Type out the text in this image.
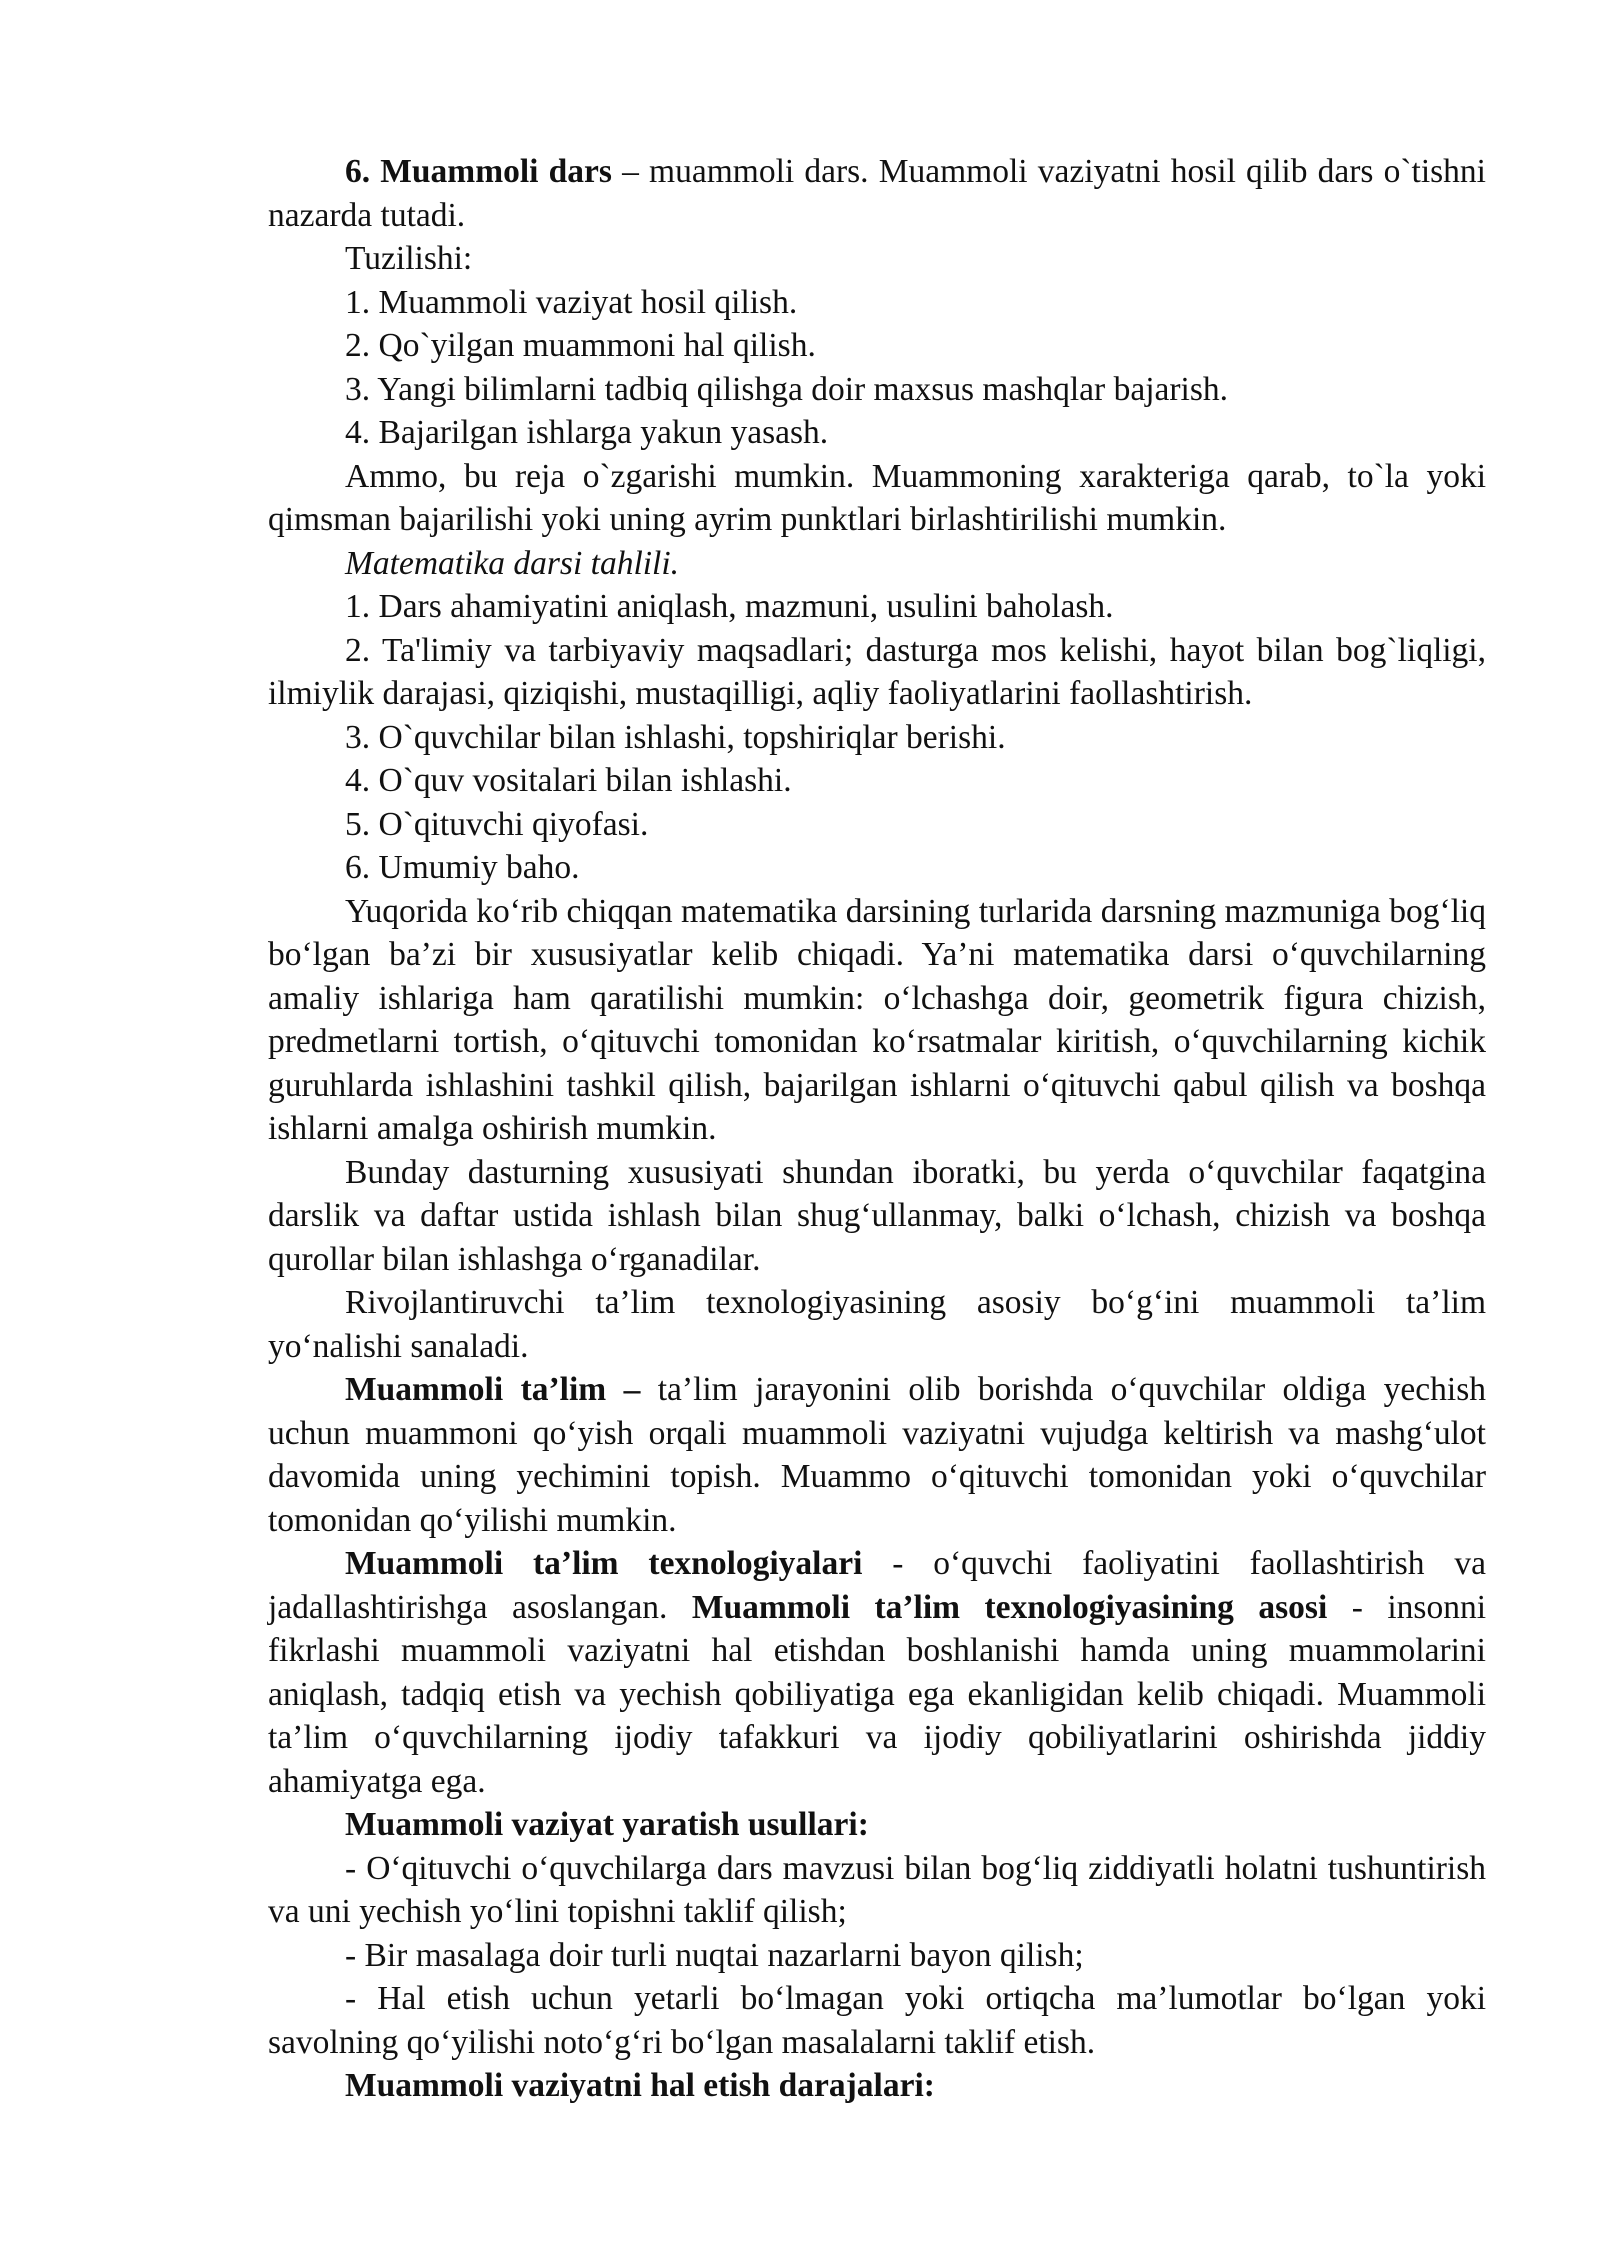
6. Muammoli dars – muammoli dars. Muammoli vaziyatni hosil qilib dars o`tishni nazarda tutadi.

Tuzilishi:

1. Muammoli vaziyat hosil qilish.

2. Qo`yilgan muammoni hal qilish.

3. Yangi bilimlarni tadbiq qilishga doir maxsus mashqlar bajarish.

4. Bajarilgan ishlarga yakun yasash.

Ammo, bu reja o`zgarishi mumkin. Muammoning xarakteriga qarab, to`la yoki qimsman bajarilishi yoki uning ayrim punktlari birlashtirilishi mumkin.

Matematika darsi tahlili.

1. Dars ahamiyatini aniqlash, mazmuni, usulini baholash.

2. Ta'limiy va tarbiyaviy maqsadlari; dasturga mos kelishi, hayot bilan bog`liqligi, ilmiylik darajasi, qiziqishi, mustaqilligi, aqliy faoliyatlarini faollashtirish.

3. O`quvchilar bilan ishlashi, topshiriqlar berishi.

4. O`quv vositalari bilan ishlashi.

5. O`qituvchi qiyofasi.

6. Umumiy baho.

Yuqorida ko‘rib chiqqan matematika darsining turlarida darsning mazmuniga bog‘liq bo‘lgan ba’zi bir xususiyatlar kelib chiqadi. Ya’ni matematika darsi o‘quvchilarning amaliy ishlariga ham qaratilishi mumkin: o‘lchashga doir, geometrik figura chizish, predmetlarni tortish, o‘qituvchi tomonidan ko‘rsatmalar kiritish, o‘quvchilarning kichik guruhlarda ishlashini tashkil qilish, bajarilgan ishlarni o‘qituvchi qabul qilish va boshqa ishlarni amalga oshirish mumkin.

Bunday dasturning xususiyati shundan iboratki, bu yerda o‘quvchilar faqatgina darslik va daftar ustida ishlash bilan shug‘ullanmay, balki o‘lchash, chizish va boshqa qurollar bilan ishlashga o‘rganadilar.

Rivojlantiruvchi ta’lim texnologiyasining asosiy bo‘g‘ini muammoli ta’lim yo‘nalishi sanaladi.

Muammoli ta’lim – ta’lim jarayonini olib borishda o‘quvchilar oldiga yechish uchun muammoni qo‘yish orqali muammoli vaziyatni vujudga keltirish va mashg‘ulot davomida uning yechimini topish. Muammo o‘qituvchi tomonidan yoki o‘quvchilar tomonidan qo‘yilishi mumkin.

Muammoli ta’lim texnologiyalari - o‘quvchi faoliyatini faollashtirish va jadallashtirishga asoslangan. Muammoli ta’lim texnologiyasining asosi - insonni fikrlashi muammoli vaziyatni hal etishdan boshlanishi hamda uning muammolarini aniqlash, tadqiq etish va yechish qobiliyatiga ega ekanligidan kelib chiqadi. Muammoli ta’lim o‘quvchilarning ijodiy tafakkuri va ijodiy qobiliyatlarini oshirishda jiddiy ahamiyatga ega.

Muammoli vaziyat yaratish usullari:

- O‘qituvchi o‘quvchilarga dars mavzusi bilan bog‘liq ziddiyatli holatni tushuntirish va uni yechish yo‘lini topishni taklif qilish;

- Bir masalaga doir turli nuqtai nazarlarni bayon qilish;

- Hal etish uchun yetarli bo‘lmagan yoki ortiqcha ma’lumotlar bo‘lgan yoki savolning qo‘yilishi noto‘g‘ri bo‘lgan masalalarni taklif etish.

Muammoli vaziyatni hal etish darajalari:
